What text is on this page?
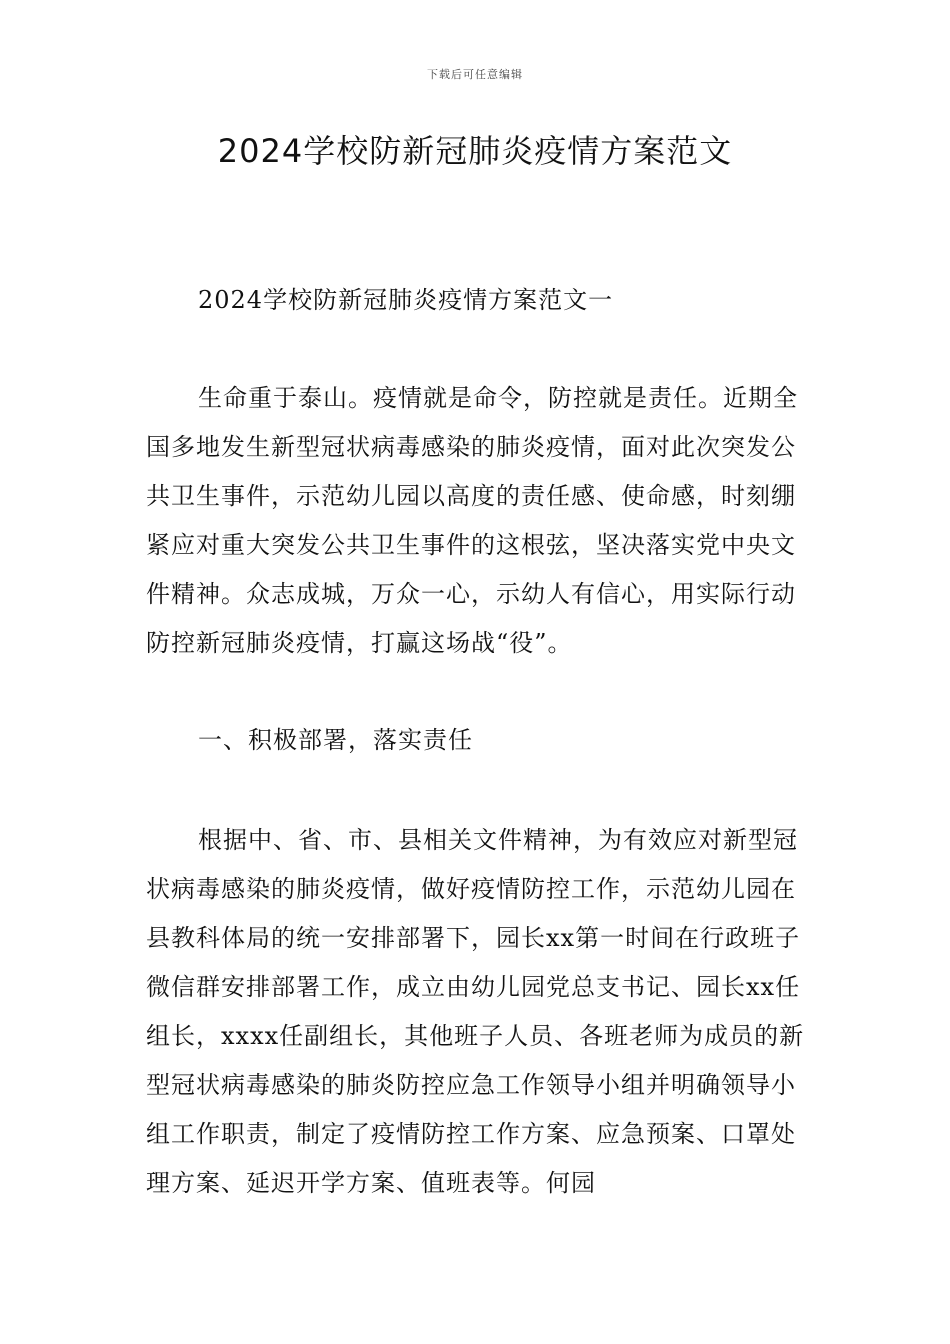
下载后可任意编辑
2024学校防新冠肺炎疫情方案范文

2024学校防新冠肺炎疫情方案范文一

生命重于泰山。疫情就是命令，防控就是责任。近期全国多地发生新型冠状病毒感染的肺炎疫情，面对此次突发公共卫生事件，示范幼儿园以高度的责任感、使命感，时刻绷紧应对重大突发公共卫生事件的这根弦，坚决落实党中央文件精神。众志成城，万众一心，示幼人有信心，用实际行动防控新冠肺炎疫情，打赢这场战“役”。

一、积极部署，落实责任

根据中、省、市、县相关文件精神，为有效应对新型冠状病毒感染的肺炎疫情，做好疫情防控工作，示范幼儿园在县教科体局的统一安排部署下，园长xx第一时间在行政班子微信群安排部署工作，成立由幼儿园党总支书记、园长xx任组长，xxxx任副组长，其他班子人员、各班老师为成员的新型冠状病毒感染的肺炎防控应急工作领导小组并明确领导小组工作职责，制定了疫情防控工作方案、应急预案、口罩处理方案、延迟开学方案、值班表等。何园
